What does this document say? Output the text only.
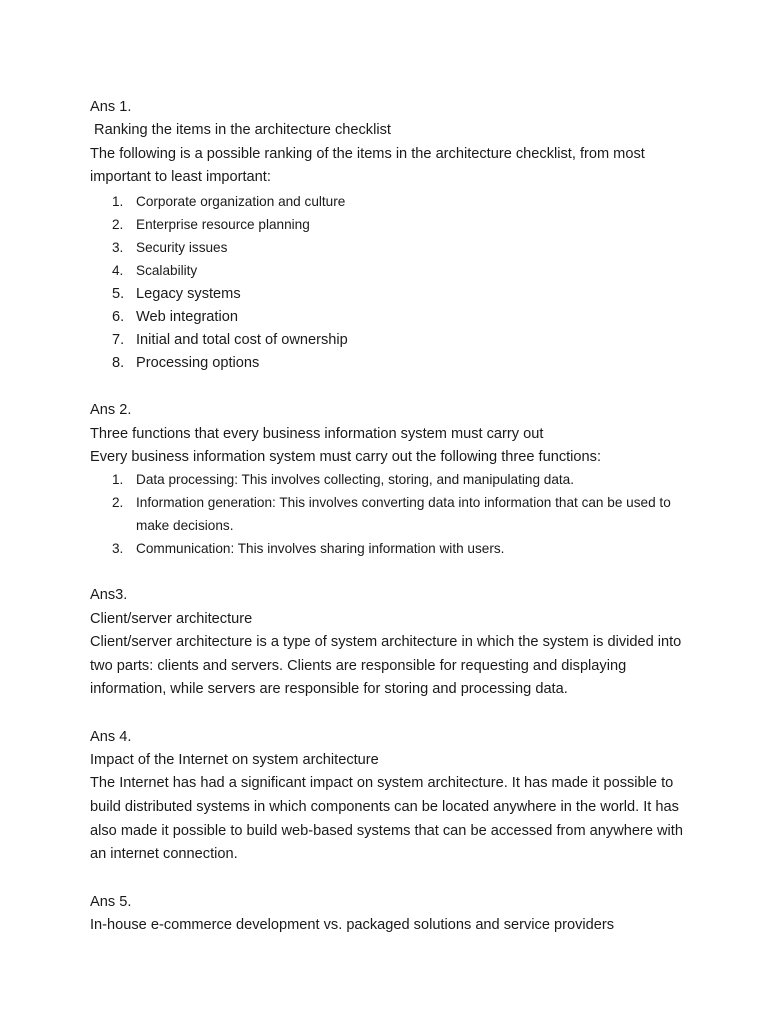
Ans 1.

Ranking the items in the architecture checklist

The following is a possible ranking of the items in the architecture checklist, from most important to least important:

1. Corporate organization and culture
2. Enterprise resource planning
3. Security issues
4. Scalability
5. Legacy systems
6. Web integration
7. Initial and total cost of ownership
8. Processing options

Ans 2.

Three functions that every business information system must carry out

Every business information system must carry out the following three functions:

1. Data processing: This involves collecting, storing, and manipulating data.
2. Information generation: This involves converting data into information that can be used to make decisions.
3. Communication: This involves sharing information with users.

Ans3.

Client/server architecture

Client/server architecture is a type of system architecture in which the system is divided into two parts: clients and servers. Clients are responsible for requesting and displaying information, while servers are responsible for storing and processing data.

Ans 4.

Impact of the Internet on system architecture

The Internet has had a significant impact on system architecture. It has made it possible to build distributed systems in which components can be located anywhere in the world. It has also made it possible to build web-based systems that can be accessed from anywhere with an internet connection.

Ans 5.

In-house e-commerce development vs. packaged solutions and service providers
